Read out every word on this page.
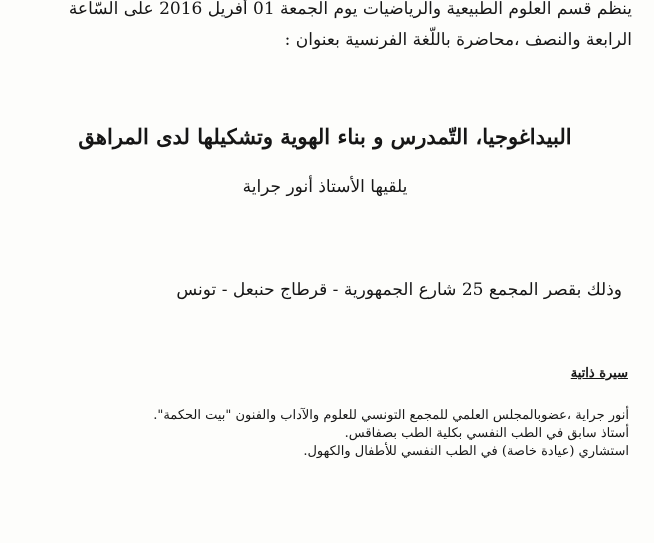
ينظم قسم العلوم الطبيعية والرياضيات يوم الجمعة 01 أفريل 2016 على السّاعة

الرابعة والنصف ،محاضرة باللّغة الفرنسية بعنوان :

البيداغوجيا، التّمدرس و بناء الهوية وتشكيلها لدى المراهق
يلقيها الأستاذ أنور جراية
وذلك بقصر المجمع 25 شارع الجمهورية - قرطاج حنبعل - تونس
سيرة ذاتية
أنور جراية ،عضوبالمجلس العلمي للمجمع التونسي للعلوم والآداب والفنون "بيت الحكمة".
أستاذ سابق في الطب النفسي بكلية الطب بصفاقس.
استشاري (عيادة خاصة) في الطب النفسي للأطفال والكهول.
